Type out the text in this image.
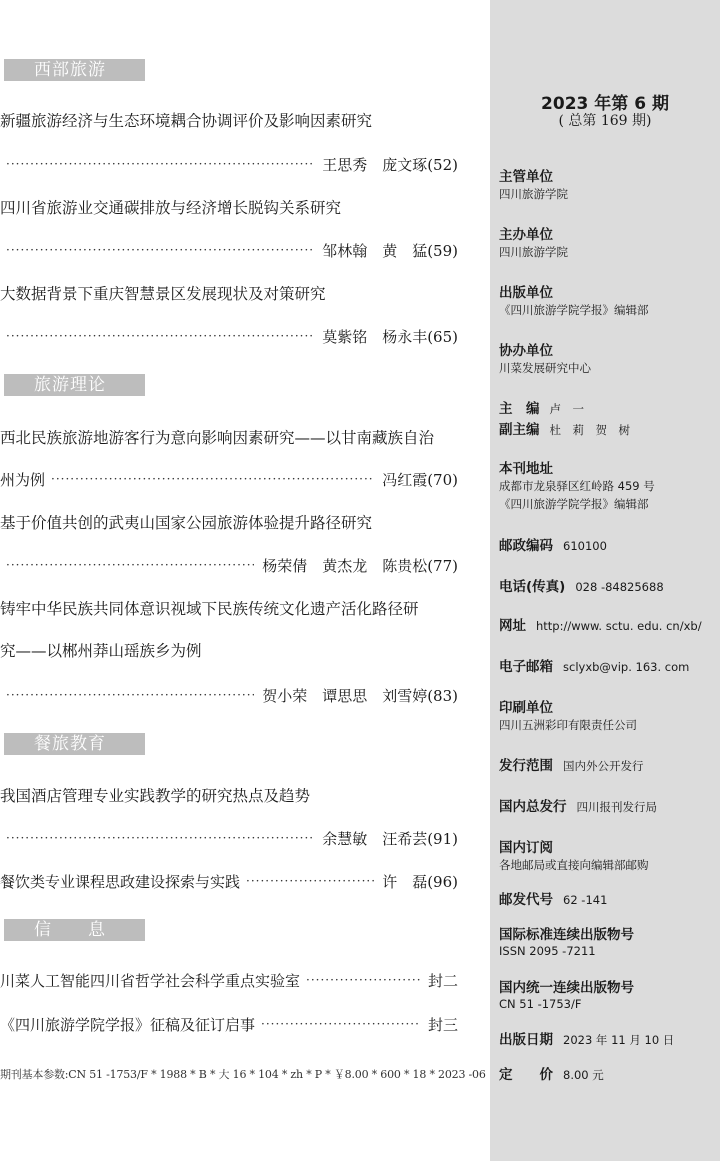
西部旅游
新疆旅游经济与生态环境耦合协调评价及影响因素研究
·····
王思秀　庞文琢(52)
四川省旅游业交通碳排放与经济增长脱钩关系研究
·····
邹林翰　黄　猛(59)
大数据背景下重庆智慧景区发展现状及对策研究
·····
莫紫铭　杨永丰(65)
旅游理论
西北民族旅游地游客行为意向影响因素研究——以甘南藏族自治
州为例 ·····	冯红霞(70)
基于价值共创的武夷山国家公园旅游体验提升路径研究
·····
杨荣倩　黄杰龙　陈贵松(77)
铸牢中华民族共同体意识视域下民族传统文化遗产活化路径研
究——以郴州莽山瑶族乡为例
·····
贺小荣　谭思思　刘雪婷(83)
餐旅教育
我国酒店管理专业实践教学的研究热点及趋势
·····
余慧敏　汪希芸(91)
餐饮类专业课程思政建设探索与实践 ·····	许　磊(96)
信　　息
川菜人工智能四川省哲学社会科学重点实验室 ·····	封二
《四川旅游学院学报》征稿及征订启事 ·····	封三
期刊基本参数:CN 51 -1753/F * 1988 * B * 大 16 * 104 * zh * P * ￥8.00 * 600 * 18 * 2023 -06
2023 年第 6 期
( 总第 169 期)
主管单位
四川旅游学院
主办单位
四川旅游学院
出版单位
《四川旅游学院学报》编辑部
协办单位
川菜发展研究中心
主　编 卢　一
副主编 杜　莉　贺　树
本刊地址
成都市龙泉驿区红岭路 459 号
《四川旅游学院学报》编辑部
邮政编码 610100
电话(传真) 028 -84825688
网址 http://www. sctu. edu. cn/xb/
电子邮箱 sclyxb@vip. 163. com
印刷单位
四川五洲彩印有限责任公司
发行范围 国内外公开发行
国内总发行 四川报刊发行局
国内订阅
各地邮局或直接向编辑部邮购
邮发代号 62 -141
国际标准连续出版物号
ISSN 2095 -7211
国内统一连续出版物号
CN 51 -1753/F
出版日期 2023 年 11 月 10 日
定　　价 8.00 元
